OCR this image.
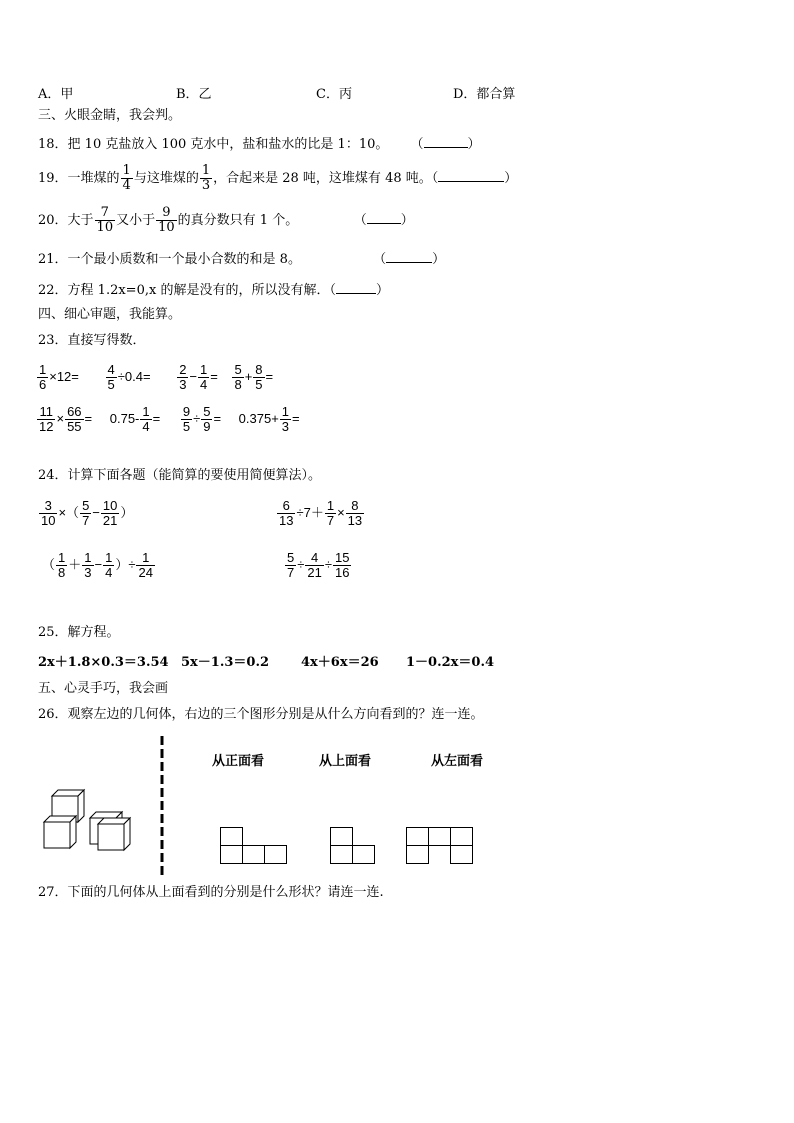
A．甲	B．乙	C．丙	D．都合算
三、火眼金睛，我会判。
18．把 10 克盐放入 100 克水中，盐和盐水的比是 1：10。 （	）
19．一堆煤的 $\frac{1}{4}$ 与这堆煤的 $\frac{1}{3}$ ，合起来是 28 吨，这堆煤有 48 吨。（	）
20．大于 $\frac{7}{10}$ 又小于 $\frac{9}{10}$ 的真分数只有 1 个。	（	）
21．一个最小质数和一个最小合数的和是 8。	（	）
22．方程 1.2x=0,x 的解是没有的，所以没有解．（	）
四、细心审题，我能算。
23．直接写得数．
$\frac{1}{6} \times 12= \frac{4}{5} \div 0.4= \frac{2}{3} - \frac{1}{4} = \frac{5}{8} + \frac{8}{5}$ =
$\frac{11}{12} \times \frac{66}{55} = 0.75- \frac{1}{4} = \frac{9}{5} \div \frac{5}{9} = 0.375+ \frac{1}{3}$ =
24．计算下面各题（能简算的要使用简便算法）。
$\frac{3}{10}$ ×（ $\frac{5}{7} - \frac{10}{21}$ ）	$\frac{6}{13} \div 7+ \frac{1}{7} \times \frac{8}{13}$
（ $\frac{1}{8} + \frac{1}{3} - \frac{1}{4}$ ）÷ $\frac{1}{24}$	$\frac{5}{7} \div \frac{4}{21} \div \frac{15}{16}$
25．解方程。
2x＋1.8×0.3＝3.54 5x－1.3＝0.2 4x＋6x＝26 1－0.2x＝0.4
五、心灵手巧，我会画
26．观察左边的几何体，右边的三个图形分别是从什么方向看到的？连一连。
从正面看	从上面看	从左面看
27．下面的几何体从上面看到的分别是什么形状？请连一连.
